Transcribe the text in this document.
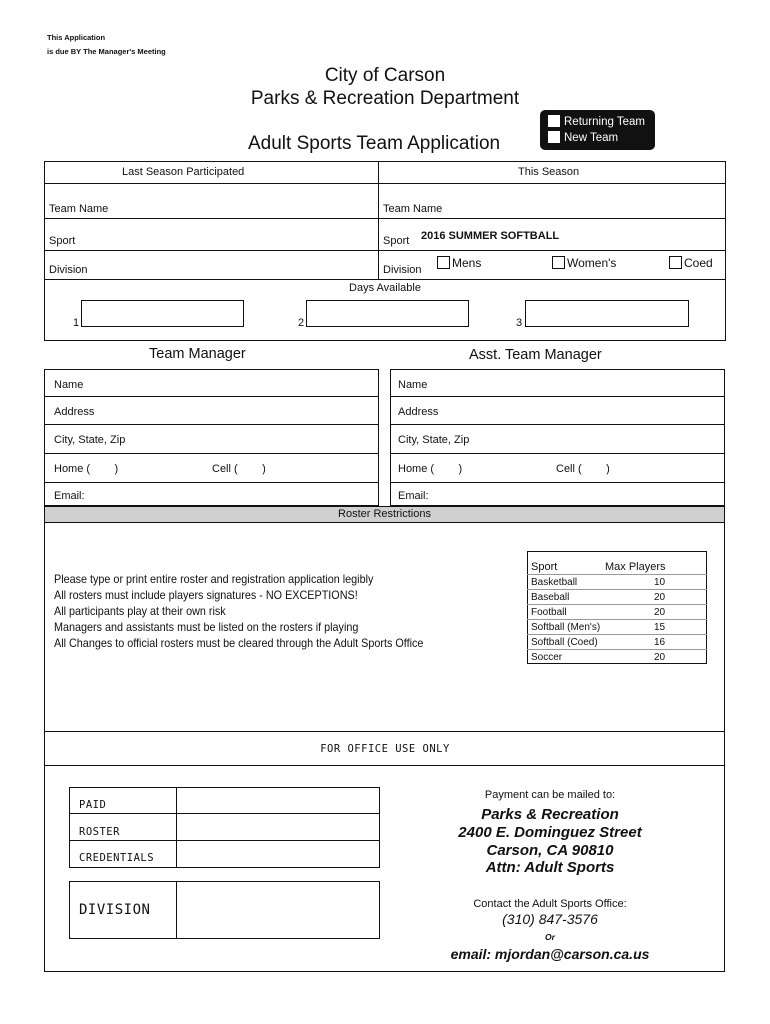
This Application
is due BY The Manager's Meeting
City of Carson
Parks & Recreation Department
Adult Sports Team Application
Returning Team
New Team
Last Season Participated	This Season
Team Name	Team Name
Sport	Sport 2016 SUMMER SOFTBALL
Division	Division	Mens	Women's	Coed
Days Available
1	2	3
Team Manager	Asst. Team Manager
Name
Address
City, State, Zip
Home (        )	Cell (        )
Email:
Name
Address
City, State, Zip
Home (        )	Cell (        )
Email:
Roster Restrictions
Please type or print entire roster and registration application legibly
All rosters must include players signatures - NO EXCEPTIONS!
All participants play at their own risk
Managers and assistants must be listed on the rosters if playing
All Changes to official rosters must be cleared through the Adult Sports Office
Sport	Max Players
Basketball	10
Baseball	20
Football	20
Softball (Men's)	15
Softball (Coed)	16
Soccer	20
FOR OFFICE USE ONLY
PAID
ROSTER
CREDENTIALS
DIVISION
Payment can be mailed to:
Parks & Recreation
2400 E. Dominguez Street
Carson, CA 90810
Attn: Adult Sports
Contact the Adult Sports Office:
(310) 847-3576
Or
email: mjordan@carson.ca.us
